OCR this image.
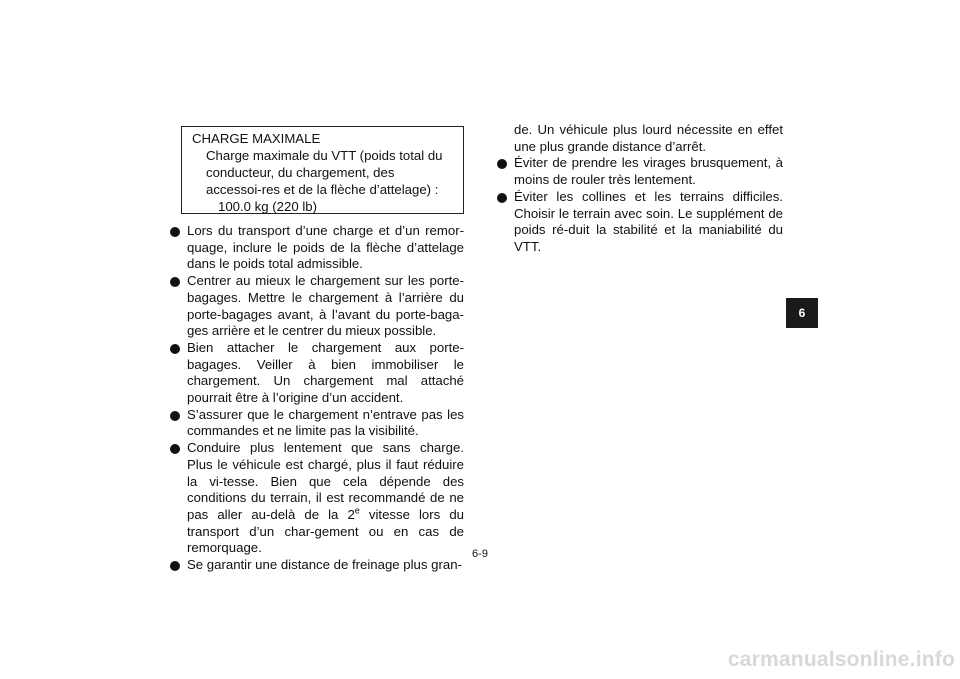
CHARGE MAXIMALE
Charge maximale du VTT (poids total du conducteur, du chargement, des accessoi-res et de la flèche d’attelage) :
100.0 kg (220 lb)
Lors du transport d’une charge et d’un remor-quage, inclure le poids de la flèche d’attelage dans le poids total admissible.
Centrer au mieux le chargement sur les porte-bagages. Mettre le chargement à l’arrière du porte-bagages avant, à l’avant du porte-baga-ges arrière et le centrer du mieux possible.
Bien attacher le chargement aux porte-bagages. Veiller à bien immobiliser le chargement. Un chargement mal attaché pourrait être à l’origine d’un accident.
S’assurer que le chargement n’entrave pas les commandes et ne limite pas la visibilité.
Conduire plus lentement que sans charge. Plus le véhicule est chargé, plus il faut réduire la vi-tesse. Bien que cela dépende des conditions du terrain, il est recommandé de ne pas aller au-delà de la 2e vitesse lors du transport d’un char-gement ou en cas de remorquage.
Se garantir une distance de freinage plus gran-
de. Un véhicule plus lourd nécessite en effet une plus grande distance d’arrêt.
Éviter de prendre les virages brusquement, à moins de rouler très lentement.
Éviter les collines et les terrains difficiles. Choisir le terrain avec soin. Le supplément de poids ré-duit la stabilité et la maniabilité du VTT.
6
6-9
carmanualsonline.info
